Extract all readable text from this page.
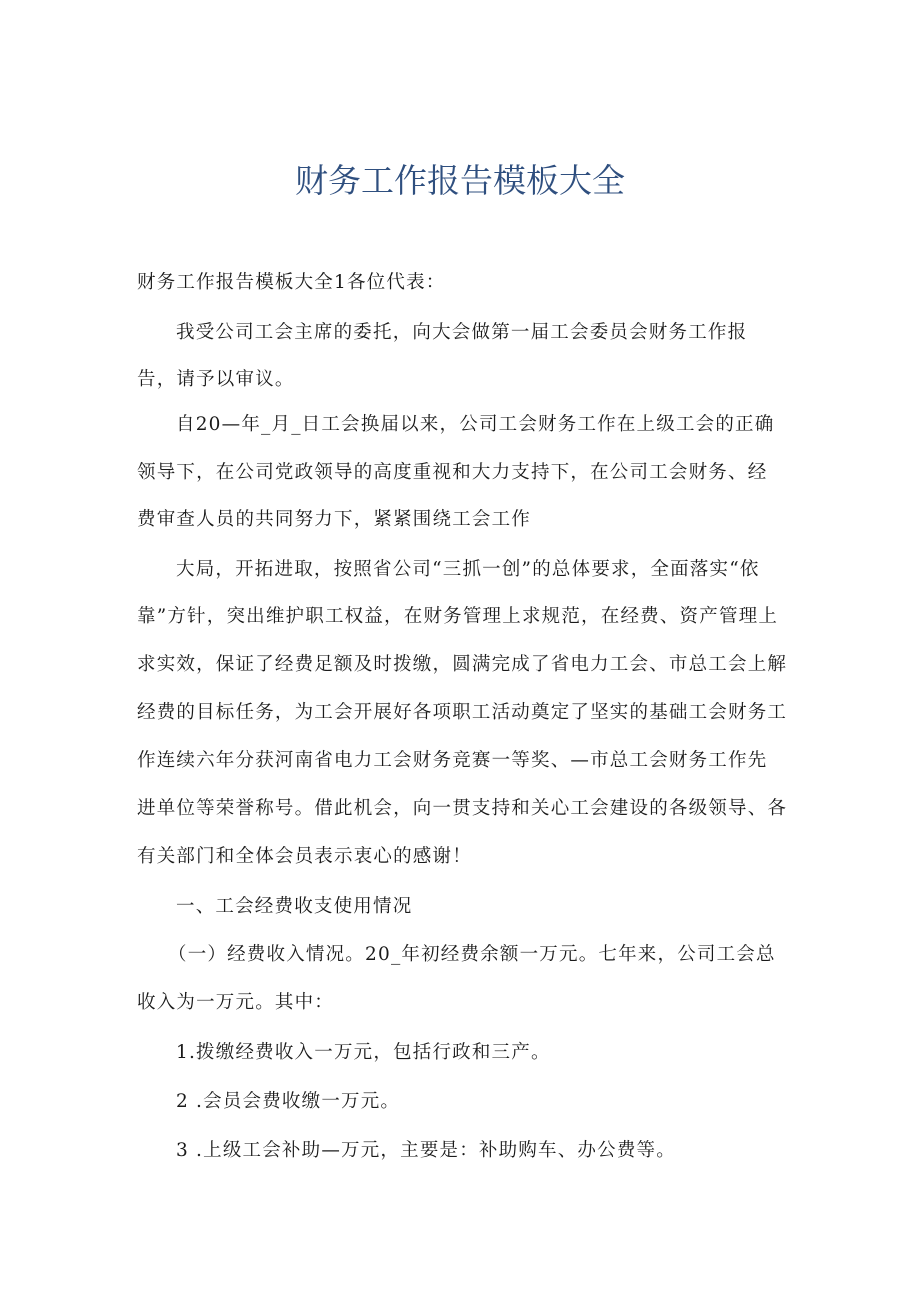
财务工作报告模板大全

财务工作报告模板大全1各位代表：

我受公司工会主席的委托，向大会做第一届工会委员会财务工作报

告，请予以审议。

自20—年_月_日工会换届以来，公司工会财务工作在上级工会的正确

领导下，在公司党政领导的高度重视和大力支持下，在公司工会财务、经

费审查人员的共同努力下，紧紧围绕工会工作

大局，开拓进取，按照省公司“三抓一创”的总体要求，全面落实“依

靠”方针，突出维护职工权益，在财务管理上求规范，在经费、资产管理上

求实效，保证了经费足额及时拨缴，圆满完成了省电力工会、市总工会上解

经费的目标任务，为工会开展好各项职工活动奠定了坚实的基础工会财务工

作连续六年分获河南省电力工会财务竞赛一等奖、—市总工会财务工作先

进单位等荣誉称号。借此机会，向一贯支持和关心工会建设的各级领导、各

有关部门和全体会员表示衷心的感谢！

一、工会经费收支使用情况

（一）经费收入情况。20_年初经费余额一万元。七年来，公司工会总

收入为一万元。其中：

1.拨缴经费收入一万元，包括行政和三产。

2 .会员会费收缴一万元。

3 .上级工会补助—万元，主要是：补助购车、办公费等。
